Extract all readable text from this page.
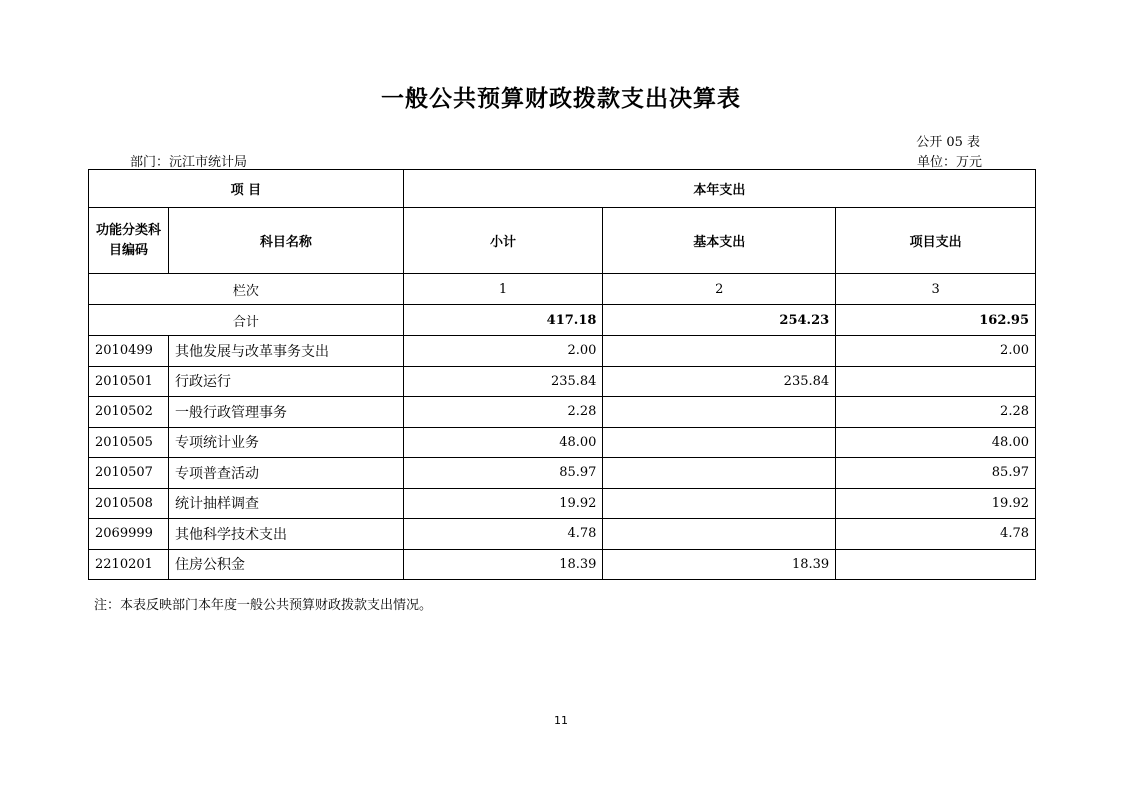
一般公共预算财政拨款支出决算表
公开 05 表
部门：沅江市统计局	单位：万元
项 目		本年支出		
功能分类科目编码	科目名称	小计	基本支出	项目支出
栏次		1	2	3
合计		417.18	254.23	162.95
2010499	其他发展与改革事务支出	2.00		2.00
2010501	行政运行	235.84	235.84	
2010502	一般行政管理事务	2.28		2.28
2010505	专项统计业务	48.00		48.00
2010507	专项普查活动	85.97		85.97
2010508	统计抽样调查	19.92		19.92
2069999	其他科学技术支出	4.78		4.78
2210201	住房公积金	18.39	18.39	
注：本表反映部门本年度一般公共预算财政拨款支出情况。
11
